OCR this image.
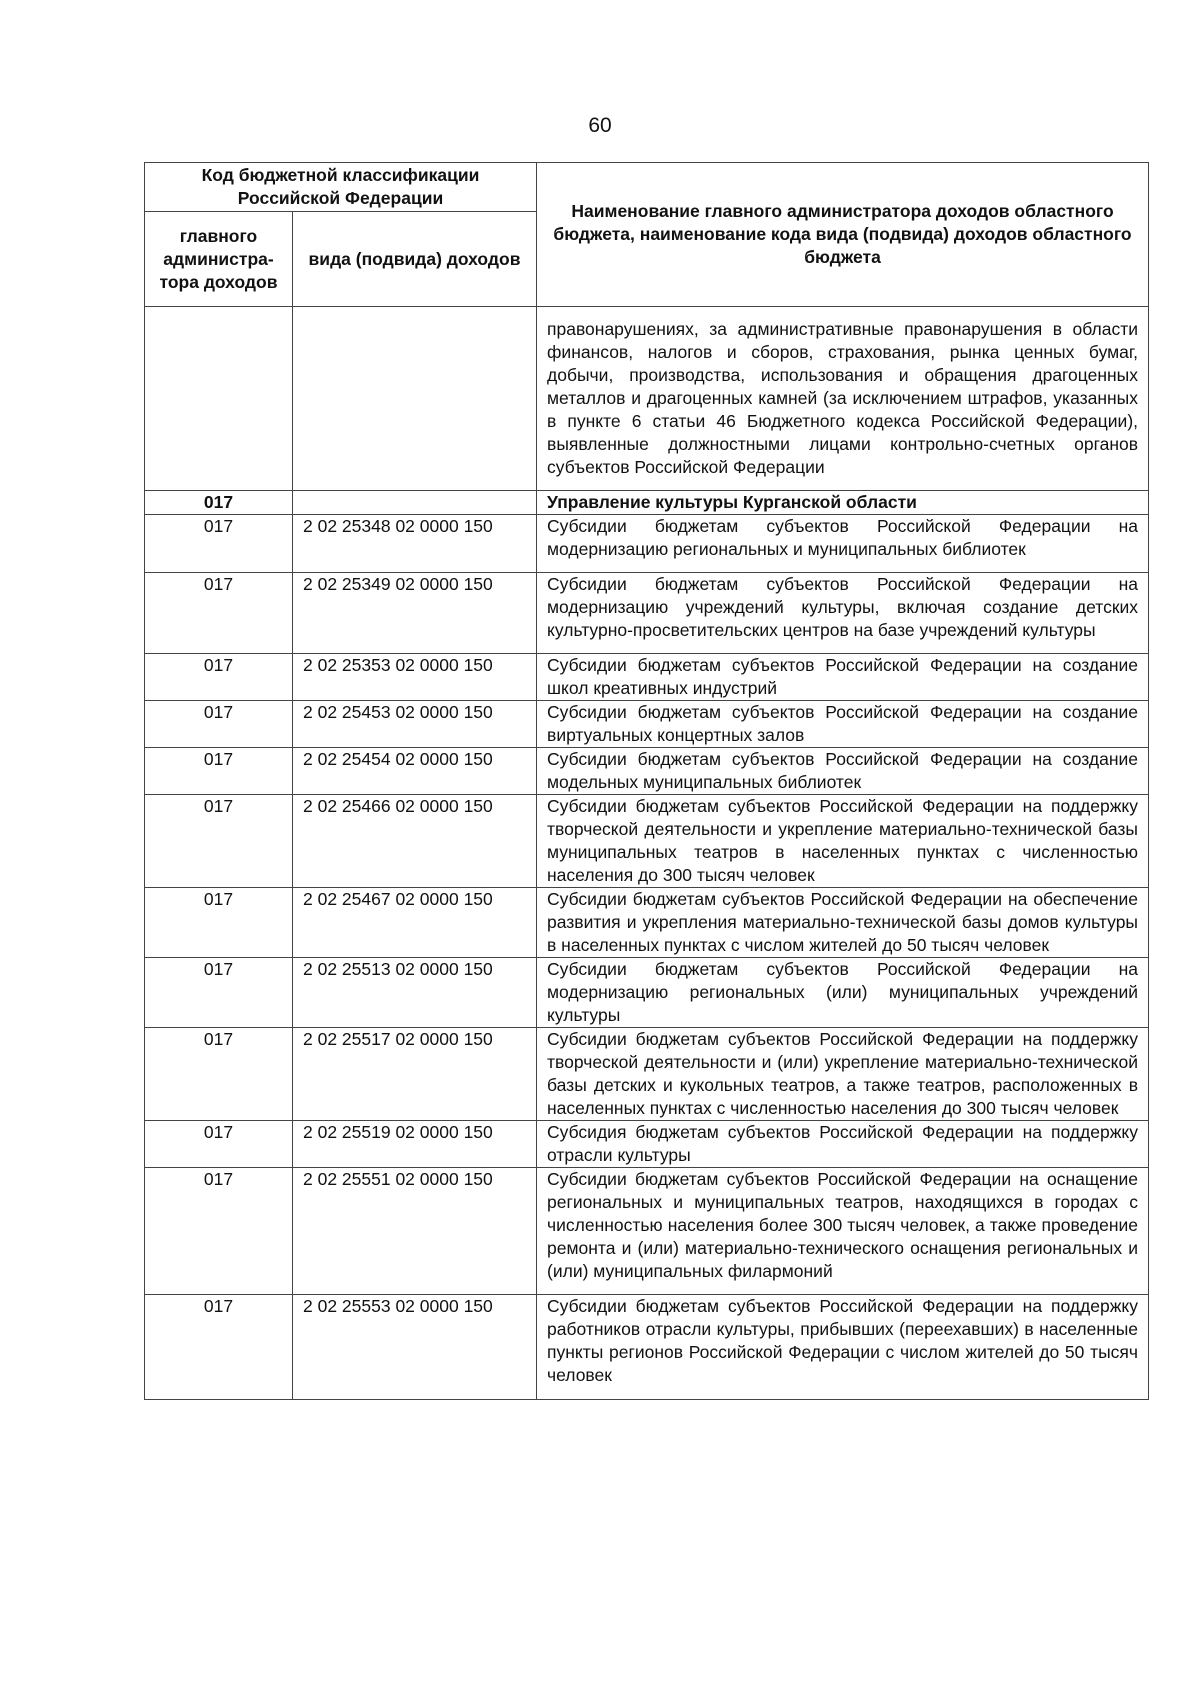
60
Код бюджетной классификации Российской Федерации		Наименование главного администратора доходов областного бюджета, наименование кода вида (подвида) доходов областного бюджета
главного администра-тора доходов	вида (подвида) доходов	
		правонарушениях, за административные правонарушения в области финансов, налогов и сборов, страхования, рынка ценных бумаг, добычи, производства, использования и обращения драгоценных металлов и драгоценных камней (за исключением штрафов, указанных в пункте 6 статьи 46 Бюджетного кодекса Российской Федерации), выявленные должностными лицами контрольно-счетных органов субъектов Российской Федерации
017		Управление культуры Курганской области
017	2 02 25348 02 0000 150	Субсидии бюджетам субъектов Российской Федерации на модернизацию региональных и муниципальных библиотек
017	2 02 25349 02 0000 150	Субсидии бюджетам субъектов Российской Федерации на модернизацию учреждений культуры, включая создание детских культурно-просветительских центров на базе учреждений культуры
017	2 02 25353 02 0000 150	Субсидии бюджетам субъектов Российской Федерации на создание школ креативных индустрий
017	2 02 25453 02 0000 150	Субсидии бюджетам субъектов Российской Федерации на создание виртуальных концертных залов
017	2 02 25454 02 0000 150	Субсидии бюджетам субъектов Российской Федерации на создание модельных муниципальных библиотек
017	2 02 25466 02 0000 150	Субсидии бюджетам субъектов Российской Федерации на поддержку творческой деятельности и укрепление материально-технической базы муниципальных театров в населенных пунктах с численностью населения до 300 тысяч человек
017	2 02 25467 02 0000 150	Субсидии бюджетам субъектов Российской Федерации на обеспечение развития и укрепления материально-технической базы домов культуры в населенных пунктах с числом жителей до 50 тысяч человек
017	2 02 25513 02 0000 150	Субсидии бюджетам субъектов Российской Федерации на модернизацию региональных (или) муниципальных учреждений культуры
017	2 02 25517 02 0000 150	Субсидии бюджетам субъектов Российской Федерации на поддержку творческой деятельности и (или) укрепление материально-технической базы детских и кукольных театров, а также театров, расположенных в населенных пунктах с численностью населения до 300 тысяч человек
017	2 02 25519 02 0000 150	Субсидия бюджетам субъектов Российской Федерации на поддержку отрасли культуры
017	2 02 25551 02 0000 150	Субсидии бюджетам субъектов Российской Федерации на оснащение региональных и муниципальных театров, находящихся в городах с численностью населения более 300 тысяч человек, а также проведение ремонта и (или) материально-технического оснащения региональных и (или) муниципальных филармоний
017	2 02 25553 02 0000 150	Субсидии бюджетам субъектов Российской Федерации на поддержку работников отрасли культуры, прибывших (переехавших) в населенные пункты регионов Российской Федерации с числом жителей до 50 тысяч человек
